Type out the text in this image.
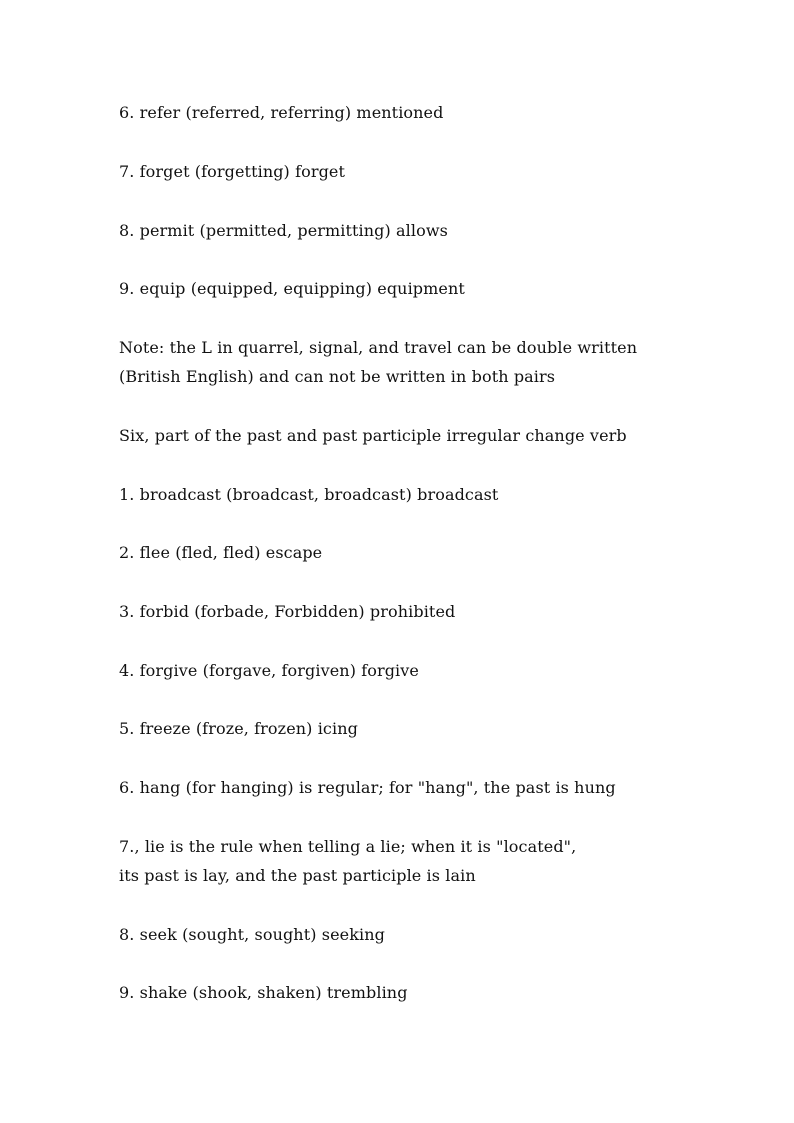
6. refer (referred, referring) mentioned
7. forget (forgetting) forget
8. permit (permitted, permitting) allows
9. equip (equipped, equipping) equipment
Note: the L in quarrel, signal, and travel can be double written
(British English) and can not be written in both pairs
Six, part of the past and past participle irregular change verb
1. broadcast (broadcast, broadcast) broadcast
2. flee (fled, fled) escape
3. forbid (forbade, Forbidden) prohibited
4. forgive (forgave, forgiven) forgive
5. freeze (froze, frozen) icing
6. hang (for hanging) is regular; for "hang", the past is hung
7., lie is the rule when telling a lie; when it is "located",
its past is lay, and the past participle is lain
8. seek (sought, sought) seeking
9. shake (shook, shaken) trembling
